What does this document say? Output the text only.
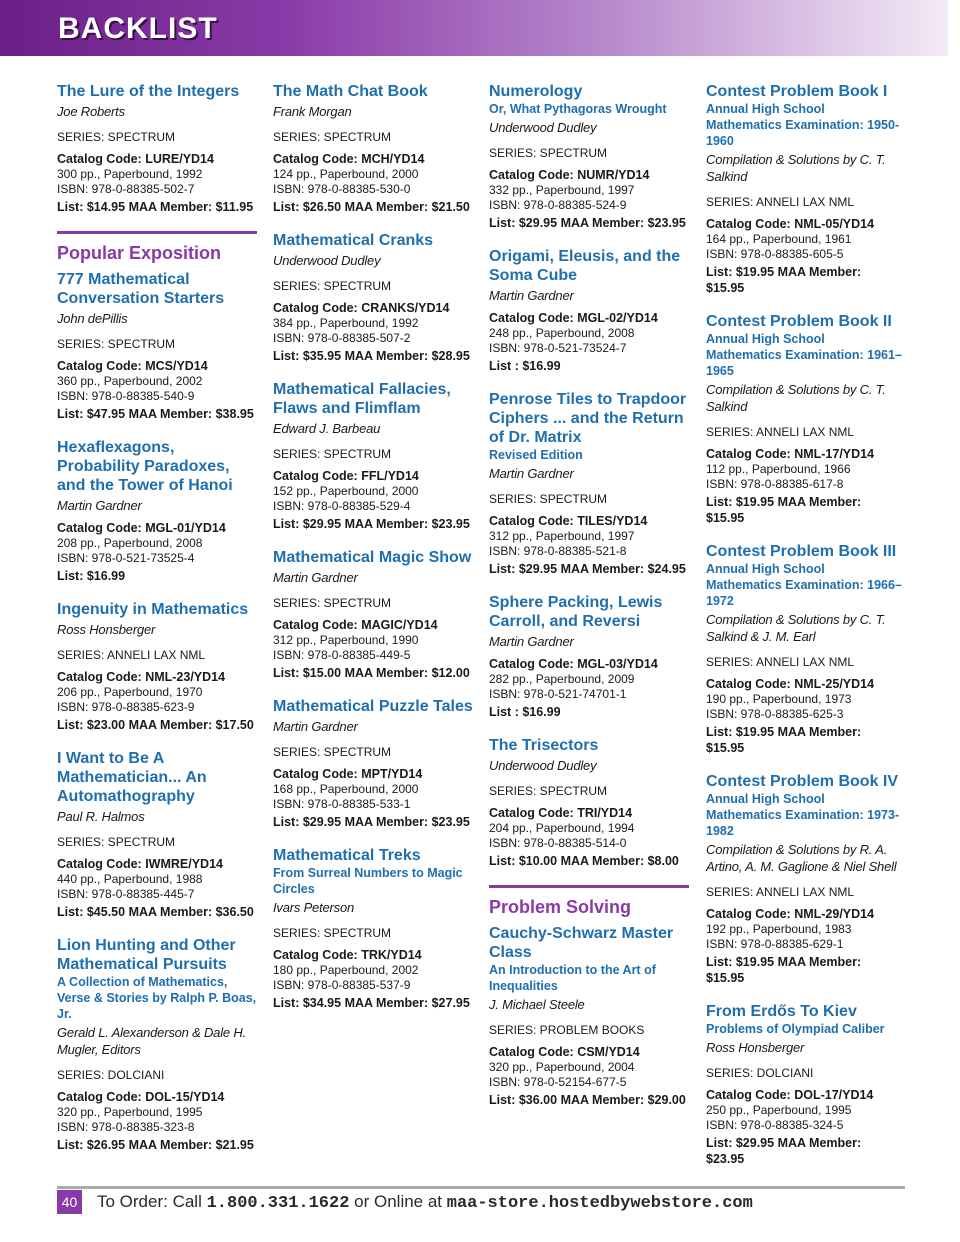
BACKLIST
The Lure of the Integers
Joe Roberts
SERIES: SPECTRUM
Catalog Code: LURE/YD14
300 pp., Paperbound, 1992
ISBN: 978-0-88385-502-7
List: $14.95 MAA Member: $11.95
Popular Exposition
777 Mathematical Conversation Starters
John dePillis
SERIES: SPECTRUM
Catalog Code: MCS/YD14
360 pp., Paperbound, 2002
ISBN: 978-0-88385-540-9
List: $47.95 MAA Member: $38.95
Hexaflexagons, Probability Paradoxes, and the Tower of Hanoi
Martin Gardner
Catalog Code: MGL-01/YD14
208 pp., Paperbound, 2008
ISBN: 978-0-521-73525-4
List: $16.99
Ingenuity in Mathematics
Ross Honsberger
SERIES: ANNELI LAX NML
Catalog Code: NML-23/YD14
206 pp., Paperbound, 1970
ISBN: 978-0-88385-623-9
List: $23.00 MAA Member: $17.50
I Want to Be A Mathematician... An Automathography
Paul R. Halmos
SERIES: SPECTRUM
Catalog Code: IWMRE/YD14
440 pp., Paperbound, 1988
ISBN: 978-0-88385-445-7
List: $45.50 MAA Member: $36.50
Lion Hunting and Other Mathematical Pursuits
A Collection of Mathematics, Verse & Stories by Ralph P. Boas, Jr.
Gerald L. Alexanderson & Dale H. Mugler, Editors
SERIES: DOLCIANI
Catalog Code: DOL-15/YD14
320 pp., Paperbound, 1995
ISBN: 978-0-88385-323-8
List: $26.95 MAA Member: $21.95
The Math Chat Book
Frank Morgan
SERIES: SPECTRUM
Catalog Code: MCH/YD14
124 pp., Paperbound, 2000
ISBN: 978-0-88385-530-0
List: $26.50 MAA Member: $21.50
Mathematical Cranks
Underwood Dudley
SERIES: SPECTRUM
Catalog Code: CRANKS/YD14
384 pp., Paperbound, 1992
ISBN: 978-0-88385-507-2
List: $35.95 MAA Member: $28.95
Mathematical Fallacies, Flaws and Flimflam
Edward J. Barbeau
SERIES: SPECTRUM
Catalog Code: FFL/YD14
152 pp., Paperbound, 2000
ISBN: 978-0-88385-529-4
List: $29.95 MAA Member: $23.95
Mathematical Magic Show
Martin Gardner
SERIES: SPECTRUM
Catalog Code: MAGIC/YD14
312 pp., Paperbound, 1990
ISBN: 978-0-88385-449-5
List: $15.00 MAA Member: $12.00
Mathematical Puzzle Tales
Martin Gardner
SERIES: SPECTRUM
Catalog Code: MPT/YD14
168 pp., Paperbound, 2000
ISBN: 978-0-88385-533-1
List: $29.95 MAA Member: $23.95
Mathematical Treks
From Surreal Numbers to Magic Circles
Ivars Peterson
SERIES: SPECTRUM
Catalog Code: TRK/YD14
180 pp., Paperbound, 2002
ISBN: 978-0-88385-537-9
List: $34.95 MAA Member: $27.95
Numerology
Or, What Pythagoras Wrought
Underwood Dudley
SERIES: SPECTRUM
Catalog Code: NUMR/YD14
332 pp., Paperbound, 1997
ISBN: 978-0-88385-524-9
List: $29.95 MAA Member: $23.95
Origami, Eleusis, and the Soma Cube
Martin Gardner
Catalog Code: MGL-02/YD14
248 pp., Paperbound, 2008
ISBN: 978-0-521-73524-7
List : $16.99
Penrose Tiles to Trapdoor Ciphers ... and the Return of Dr. Matrix
Revised Edition
Martin Gardner
SERIES: SPECTRUM
Catalog Code: TILES/YD14
312 pp., Paperbound, 1997
ISBN: 978-0-88385-521-8
List: $29.95 MAA Member: $24.95
Sphere Packing, Lewis Carroll, and Reversi
Martin Gardner
Catalog Code: MGL-03/YD14
282 pp., Paperbound, 2009
ISBN: 978-0-521-74701-1
List : $16.99
The Trisectors
Underwood Dudley
SERIES: SPECTRUM
Catalog Code: TRI/YD14
204 pp., Paperbound, 1994
ISBN: 978-0-88385-514-0
List: $10.00 MAA Member: $8.00
Problem Solving
Cauchy-Schwarz Master Class
An Introduction to the Art of Inequalities
J. Michael Steele
SERIES: PROBLEM BOOKS
Catalog Code: CSM/YD14
320 pp., Paperbound, 2004
ISBN: 978-0-52154-677-5
List: $36.00 MAA Member: $29.00
Contest Problem Book I
Annual High School Mathematics Examination: 1950-1960
Compilation & Solutions by C. T. Salkind
SERIES: ANNELI LAX NML
Catalog Code: NML-05/YD14
164 pp., Paperbound, 1961
ISBN: 978-0-88385-605-5
List: $19.95 MAA Member: $15.95
Contest Problem Book II
Annual High School Mathematics Examination: 1961–1965
Compilation & Solutions by C. T. Salkind
SERIES: ANNELI LAX NML
Catalog Code: NML-17/YD14
112 pp., Paperbound, 1966
ISBN: 978-0-88385-617-8
List: $19.95 MAA Member: $15.95
Contest Problem Book III
Annual High School Mathematics Examination: 1966–1972
Compilation & Solutions by C. T. Salkind & J. M. Earl
SERIES: ANNELI LAX NML
Catalog Code: NML-25/YD14
190 pp., Paperbound, 1973
ISBN: 978-0-88385-625-3
List: $19.95 MAA Member: $15.95
Contest Problem Book IV
Annual High School Mathematics Examination: 1973-1982
Compilation & Solutions by R. A. Artino, A. M. Gaglione & Niel Shell
SERIES: ANNELI LAX NML
Catalog Code: NML-29/YD14
192 pp., Paperbound, 1983
ISBN: 978-0-88385-629-1
List: $19.95 MAA Member: $15.95
From Erdős To Kiev
Problems of Olympiad Caliber
Ross Honsberger
SERIES: DOLCIANI
Catalog Code: DOL-17/YD14
250 pp., Paperbound, 1995
ISBN: 978-0-88385-324-5
List: $29.95 MAA Member: $23.95
40 To Order: Call 1.800.331.1622 or Online at maa-store.hostedbywebstore.com
